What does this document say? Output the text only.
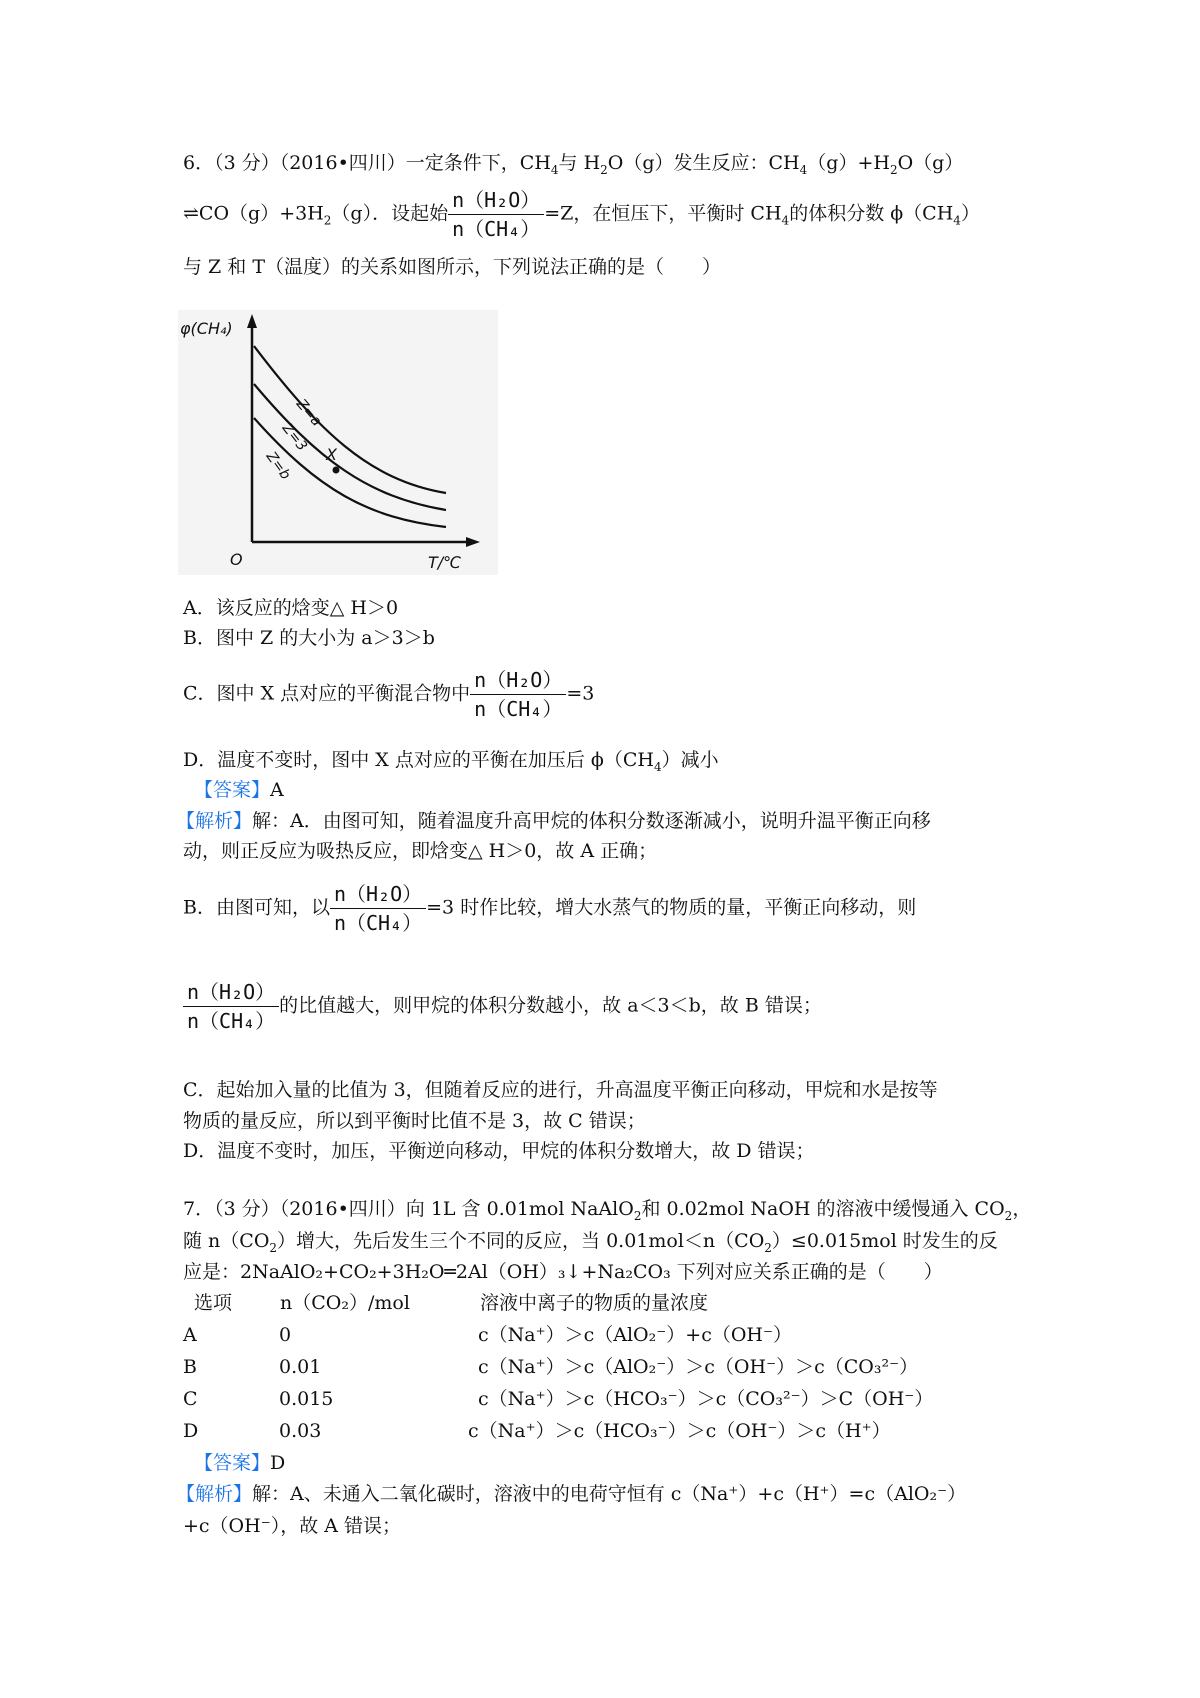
6．（3 分）（2016•四川）一定条件下，$CH_4$与 $H_2O(g)$发生反应：$CH_4(g)+H_2O(g)$
$\rightleftharpoons CO(g)+3H_2(g)$．设起始 $\frac{\text{n（H₂O）}}{\text{n（CH₄）}} =Z$，在恒压下，平衡时 $CH_4$的体积分数 $\phi(CH_4)$
与 Z 和 T（温度）的关系如图所示，下列说法正确的是（　　）
φ(CH₄)
T/℃
O
Z=a
Z=3
Z=b X
A．该反应的焓变△ H＞0
B．图中 Z 的大小为 a＞3＞b
C．图中 X 点对应的平衡混合物中 $\frac{\text{n（H₂O）}}{\text{n（CH₄）}} =3$
D．温度不变时，图中 X 点对应的平衡在加压后 $\phi(CH_4)$减小
【答案】A
【解析】解：A．由图可知，随着温度升高甲烷的体积分数逐渐减小，说明升温平衡正向移
动，则正反应为吸热反应，即焓变△ H＞0，故 A 正确；
B．由图可知，以 $\frac{\text{n（H₂O）}}{\text{n（CH₄）}} =3$ 时作比较，增大水蒸气的物质的量，平衡正向移动，则
$\frac{\text{n（H₂O）}}{\text{n（CH₄）}}$ 的比值越大，则甲烷的体积分数越小，故 a＜3＜b，故 B 错误；
C．起始加入量的比值为 3，但随着反应的进行，升高温度平衡正向移动，甲烷和水是按等
物质的量反应，所以到平衡时比值不是 3，故 C 错误；
D．温度不变时，加压，平衡逆向移动，甲烷的体积分数增大，故 D 错误；
7．（3 分）（2016•四川）向 1L 含 0.01mol NaAlO$_2$和 0.02mol NaOH 的溶液中缓慢通入 $CO_2$，
随 $n(CO_2)$增大，先后发生三个不同的反应，当 $0.01mol<n(CO_2)\le 0.015mol$ 时发生的反
应是：2NaAlO₂+CO₂+3H₂O═2Al（OH）₃↓+Na₂CO₃ 下列对应关系正确的是（　　）
选项	n（CO₂）/mol	溶液中离子的物质的量浓度
A	0	c（Na⁺）＞c（AlO₂⁻）+c（OH⁻）
B	0.01	c（Na⁺）＞c（AlO₂⁻）＞c（OH⁻）＞c（CO₃²⁻）
C	0.015	c（Na⁺）＞c（HCO₃⁻）＞c（CO₃²⁻）＞C（OH⁻）
D	0.03	c（Na⁺）＞c（HCO₃⁻）＞c（OH⁻）＞c（H⁺）
【答案】D
【解析】解：A、未通入二氧化碳时，溶液中的电荷守恒有 c（Na⁺）+c（H⁺）=c（AlO₂⁻）
+c（OH⁻），故 A 错误；
